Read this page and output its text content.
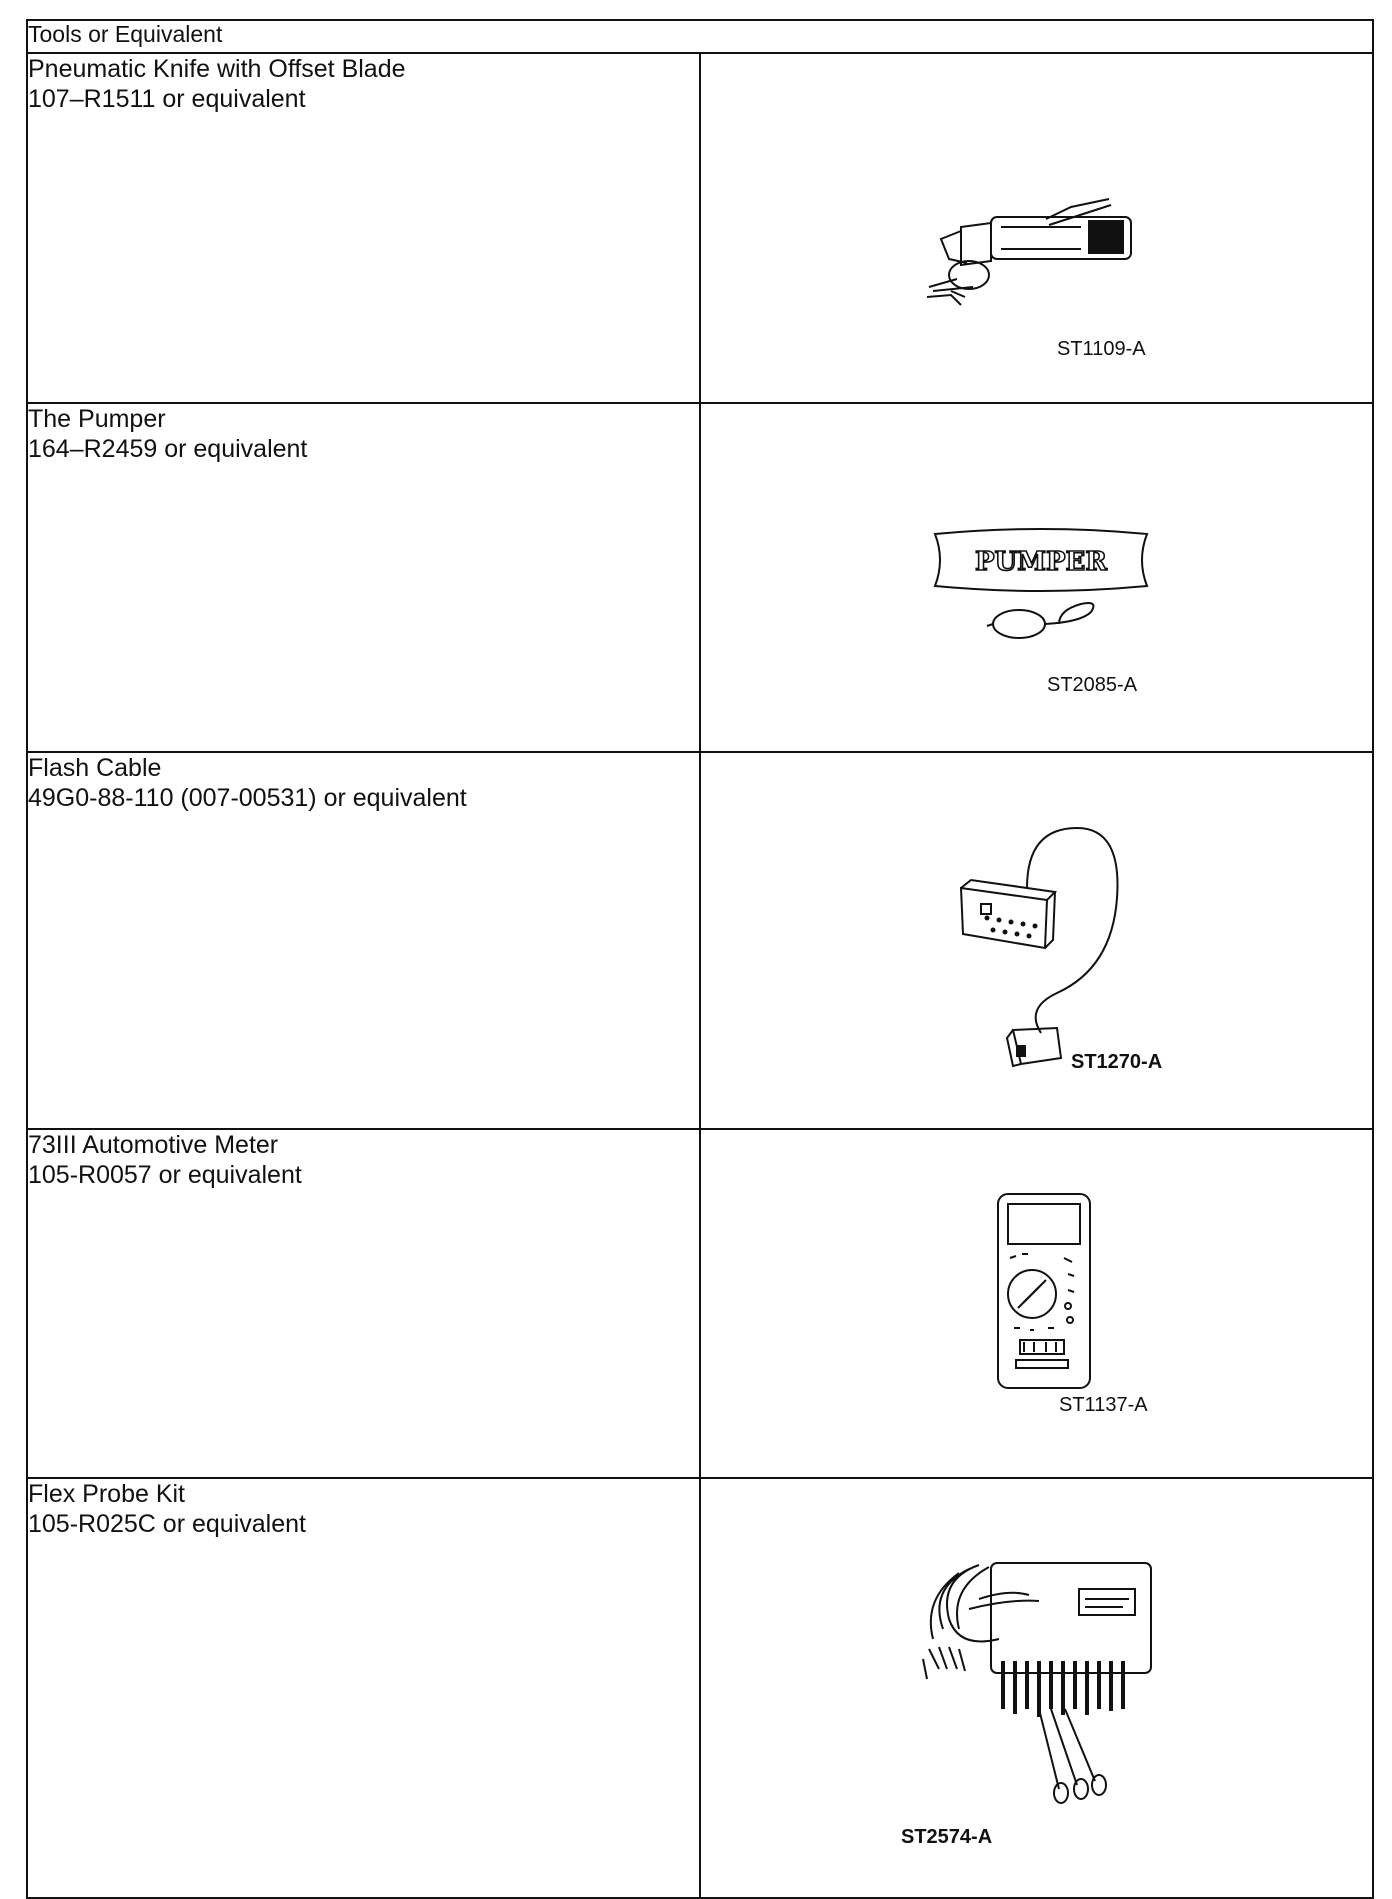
Tools or Equivalent	

Pneumatic Knife with Offset Blade
107–R1511 or equivalent	ST1109-A

The Pumper
164–R2459 or equivalent	PUMPER
ST2085-A

Flash Cable
49G0-88-110 (007-00531) or equivalent	ST1270-A

73III Automotive Meter
105-R0057 or equivalent	ST1137-A

Flex Probe Kit
105-R025C or equivalent	ST2574-A
